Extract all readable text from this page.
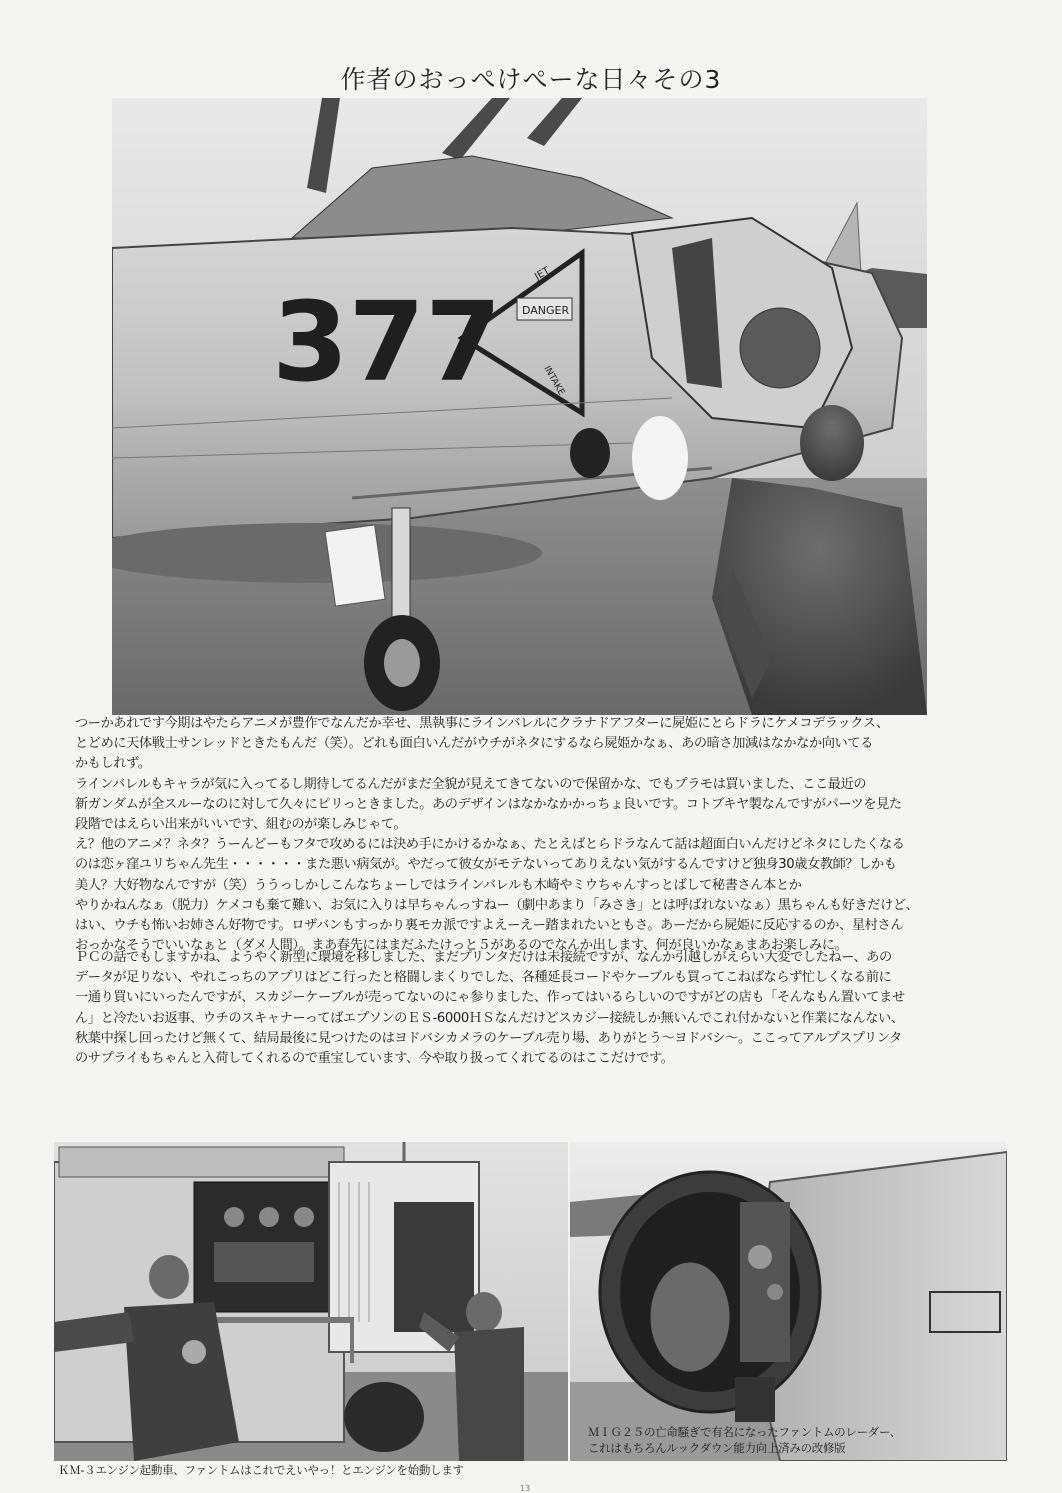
作者のおっぺけぺーな日々その3
DANGER
JET
INTAKE
377

つーかあれです今期はやたらアニメが豊作でなんだか幸せ、黒執事にラインバレルにクラナドアフターに屍姫にとらドラにケメコデラックス、

とどめに天体戦士サンレッドときたもんだ（笑）。どれも面白いんだがウチがネタにするなら屍姫かなぁ、あの暗さ加減はなかなか向いてる

かもしれず。

ラインバレルもキャラが気に入ってるし期待してるんだがまだ全貌が見えてきてないので保留かな、でもプラモは買いました、ここ最近の

新ガンダムが全スルーなのに対して久々にピリっときました。あのデザインはなかなかかっちょ良いです。コトブキヤ製なんですがパーツを見た

段階ではえらい出来がいいです、組むのが楽しみじゃて。

え？他のアニメ？ネタ？うーんどーもフタで攻めるには決め手にかけるかなぁ、たとえばとらドラなんて話は超面白いんだけどネタにしたくなる

のは恋ヶ窪ユリちゃん先生・・・・・・また悪い病気が。やだって彼女がモテないってありえない気がするんですけど独身30歳女教師？しかも

美人？大好物なんですが（笑）ううっしかしこんなちょーしではラインバレルも木崎やミウちゃんすっとばして秘書さん本とか

やりかねんなぁ（脱力）ケメコも棄て難い、お気に入りは早ちゃんっすねー（劇中あまり「みさき」とは呼ばれないなぁ）黒ちゃんも好きだけど、

はい、ウチも怖いお姉さん好物です。ロザバンもすっかり裏モカ派ですよえーえー踏まれたいともさ。あーだから屍姫に反応するのか、星村さん

おっかなそうでいいなぁと（ダメ人間）。まあ春先にはまだふたけっと５があるのでなんか出します、何が良いかなぁまあお楽しみに。

ＰＣの話でもしますかね、ようやく新型に環境を移しました、まだプリンタだけは未接続ですが、なんか引越しがえらい大変でしたねー、あの

データが足りない、やれこっちのアプリはどこ行ったと格闘しまくりでした、各種延長コードやケーブルも買ってこねばならず忙しくなる前に

一通り買いにいったんですが、スカジーケーブルが売ってないのにゃ参りました、作ってはいるらしいのですがどの店も「そんなもん置いてませ

ん」と冷たいお返事、ウチのスキャナーってばエプソンのＥＳ-6000ＨＳなんだけどスカジー接続しか無いんでこれ付かないと作業になんない、

秋葉中探し回ったけど無くて、結局最後に見つけたのはヨドバシカメラのケーブル売り場、ありがとう〜ヨドバシ〜。ここってアルプスプリンタ

のサプライもちゃんと入荷してくれるので重宝しています、今や取り扱ってくれてるのはここだけです。

ＭＩＧ２５の亡命騒ぎで有名になったファントムのレーダー、
これはもちろんルックダウン能力向上済みの改修版
ＫＭ-３エンジン起動車、ファントムはこれでえいやっ！とエンジンを始動します
13
